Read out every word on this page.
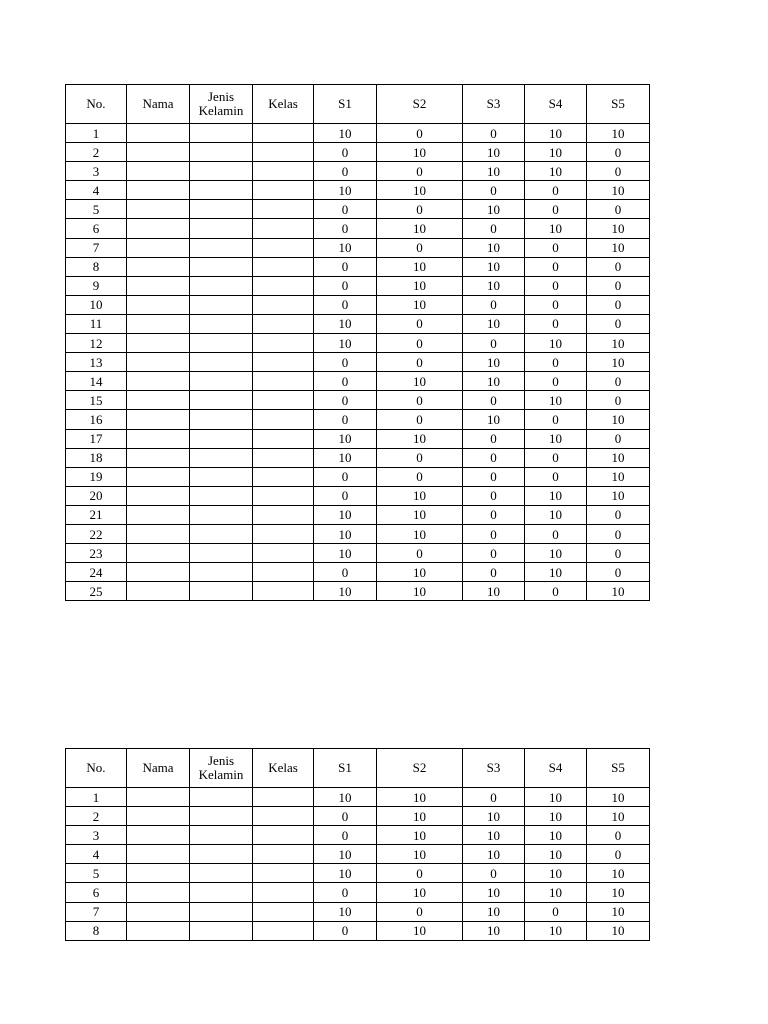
No.	Nama	Jenis Kelamin	Kelas	S1	S2	S3	S4	S5
1				10	0	0	10	10
2				0	10	10	10	0
3				0	0	10	10	0
4				10	10	0	0	10
5				0	0	10	0	0
6				0	10	0	10	10
7				10	0	10	0	10
8				0	10	10	0	0
9				0	10	10	0	0
10				0	10	0	0	0
11				10	0	10	0	0
12				10	0	0	10	10
13				0	0	10	0	10
14				0	10	10	0	0
15				0	0	0	10	0
16				0	0	10	0	10
17				10	10	0	10	0
18				10	0	0	0	10
19				0	0	0	0	10
20				0	10	0	10	10
21				10	10	0	10	0
22				10	10	0	0	0
23				10	0	0	10	0
24				0	10	0	10	0
25				10	10	10	0	10
No.	Nama	Jenis Kelamin	Kelas	S1	S2	S3	S4	S5
1				10	10	0	10	10
2				0	10	10	10	10
3				0	10	10	10	0
4				10	10	10	10	0
5				10	0	0	10	10
6				0	10	10	10	10
7				10	0	10	0	10
8				0	10	10	10	10
